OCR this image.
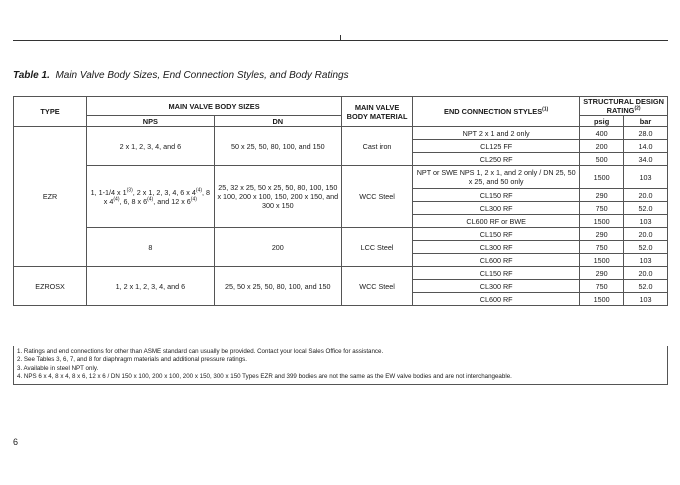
Table 1. Main Valve Body Sizes, End Connection Styles, and Body Ratings
TYPE	MAIN VALVE BODY SIZES		MAIN VALVE BODY MATERIAL	END CONNECTION STYLES$^{(1)}$	STRUCTURAL DESIGN RATING$^{(2)}$
	NPS	DN			psig	bar
EZR	2 x 1, 2, 3, 4, and 6	50 x 25, 50, 80, 100, and 150	Cast iron	NPT 2 x 1 and 2 only	400	28.0
				CL125 FF	200	14.0
				CL250 RF	500	34.0
	1, 1-1/4 x 1$^{(3)}$, 2 x 1, 2, 3, 4, 6 x 4$^{(4)}$, 8 x 4$^{(4)}$, 6, 8 x 6$^{(4)}$, and 12 x 6$^{(4)}$	25, 32 x 25, 50 x 25, 50, 80, 100, 150 x 100, 200 x 100, 150, 200 x 150, and 300 x 150	WCC Steel	NPT or SWE NPS 1, 2 x 1, and 2 only / DN 25, 50 x 25, and 50 only	1500	103
				CL150 RF	290	20.0
				CL300 RF	750	52.0
				CL600 RF or BWE	1500	103
	8	200	LCC Steel	CL150 RF	290	20.0
				CL300 RF	750	52.0
				CL600 RF	1500	103
EZROSX	1, 2 x 1, 2, 3, 4, and 6	25, 50 x 25, 50, 80, 100, and 150	WCC Steel	CL150 RF	290	20.0
				CL300 RF	750	52.0
				CL600 RF	1500	103
1. Ratings and end connections for other than ASME standard can usually be provided. Contact your local Sales Office for assistance.
2. See Tables 3, 6, 7, and 8 for diaphragm materials and additional pressure ratings.
3. Available in steel NPT only.
4. NPS 6 x 4, 8 x 4, 8 x 6, 12 x 6 / DN 150 x 100, 200 x 100, 200 x 150, 300 x 150 Types EZR and 399 bodies are not the same as the EW valve bodies and are not interchangeable.
6
